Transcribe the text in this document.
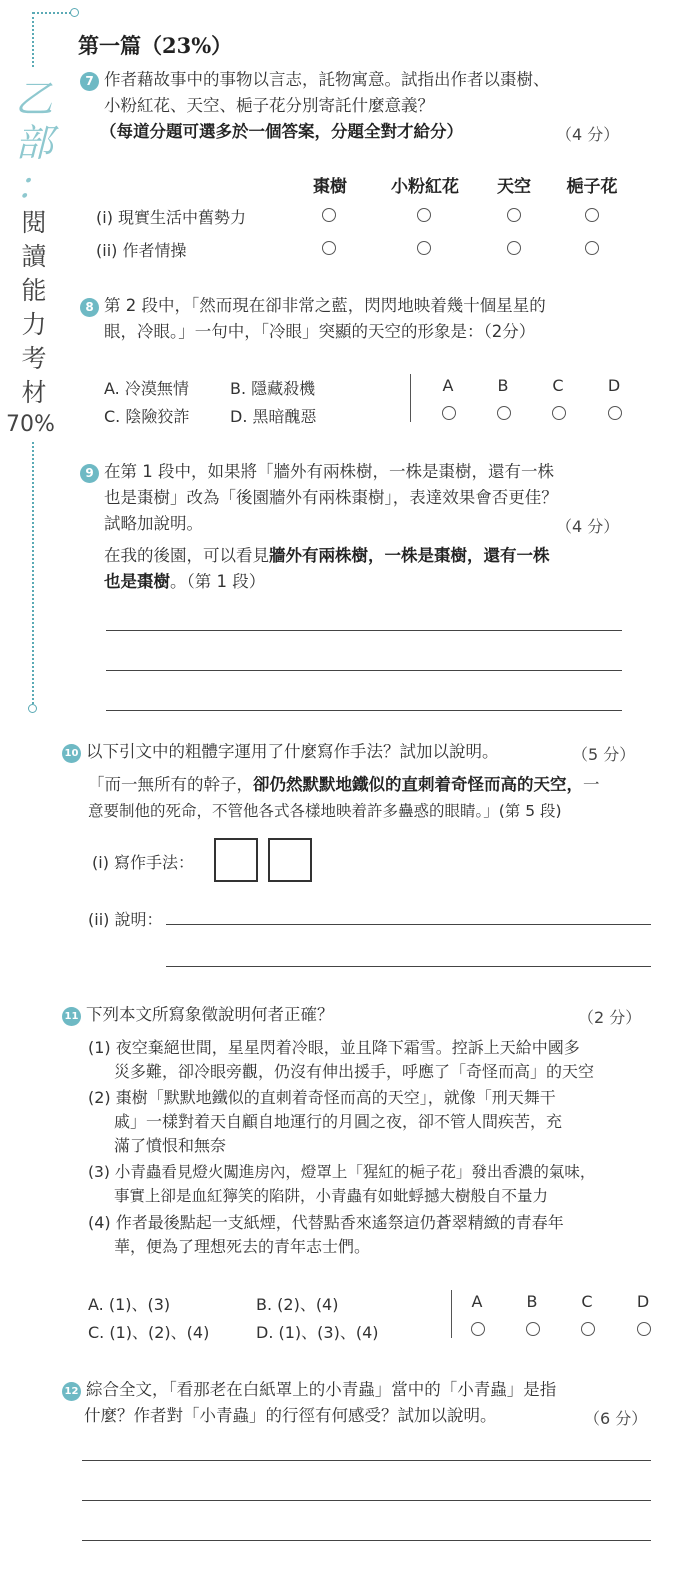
乙
部
：
閱
讀
能
力
考
材
70%
第一篇（23%）
7 作者藉故事中的事物以言志，託物寓意。試指出作者以棗樹、
小粉紅花、天空、梔子花分別寄託什麼意義？
（每道分題可選多於一個答案，分題全對才給分）	（4 分）
棗樹	小粉紅花	天空	梔子花
(i) 現實生活中舊勢力
(ii) 作者情操
8 第 2 段中，「然而現在卻非常之藍，閃閃地映着幾十個星星的
眼，冷眼。」一句中，「冷眼」突顯的天空的形象是：（2分）
A. 冷漠無情	B. 隱藏殺機
C. 陰險狡詐	D. 黑暗醜惡
A	B	C	D
9 在第 1 段中，如果將「牆外有兩株樹，一株是棗樹，還有一株
也是棗樹」改為「後園牆外有兩株棗樹」，表達效果會否更佳？
試略加說明。	（4 分）
在我的後園，可以看見牆外有兩株樹，一株是棗樹，還有一株
也是棗樹。（第 1 段）
10 以下引文中的粗體字運用了什麼寫作手法？試加以說明。	（5 分）
「而一無所有的幹子，卻仍然默默地鐵似的直刺着奇怪而高的天空，一
意要制他的死命，不管他各式各樣地映着許多蠱惑的眼睛。」(第 5 段)
(i) 寫作手法：
(ii) 說明：
11 下列本文所寫象徵說明何者正確？	（2 分）
(1) 夜空棄絕世間，星星閃着冷眼，並且降下霜雪。控訴上天給中國多
災多難，卻冷眼旁觀，仍沒有伸出援手，呼應了「奇怪而高」的天空
(2) 棗樹「默默地鐵似的直刺着奇怪而高的天空」，就像「刑天舞干
戚」一樣對着天自顧自地運行的月圓之夜，卻不管人間疾苦，充
滿了憤恨和無奈
(3) 小青蟲看見燈火闖進房內，燈罩上「猩紅的梔子花」發出香濃的氣味，
事實上卻是血紅獰笑的陷阱，小青蟲有如蚍蜉撼大樹般自不量力
(4) 作者最後點起一支紙煙，代替點香來遙祭這仍蒼翠精緻的青春年
華，便為了理想死去的青年志士們。
A. (1)、(3)	B. (2)、(4)
C. (1)、(2)、(4)	D. (1)、(3)、(4)
A	B	C	D
12 綜合全文，「看那老在白紙罩上的小青蟲」當中的「小青蟲」是指
什麼？作者對「小青蟲」的行徑有何感受？試加以說明。	（6 分）
